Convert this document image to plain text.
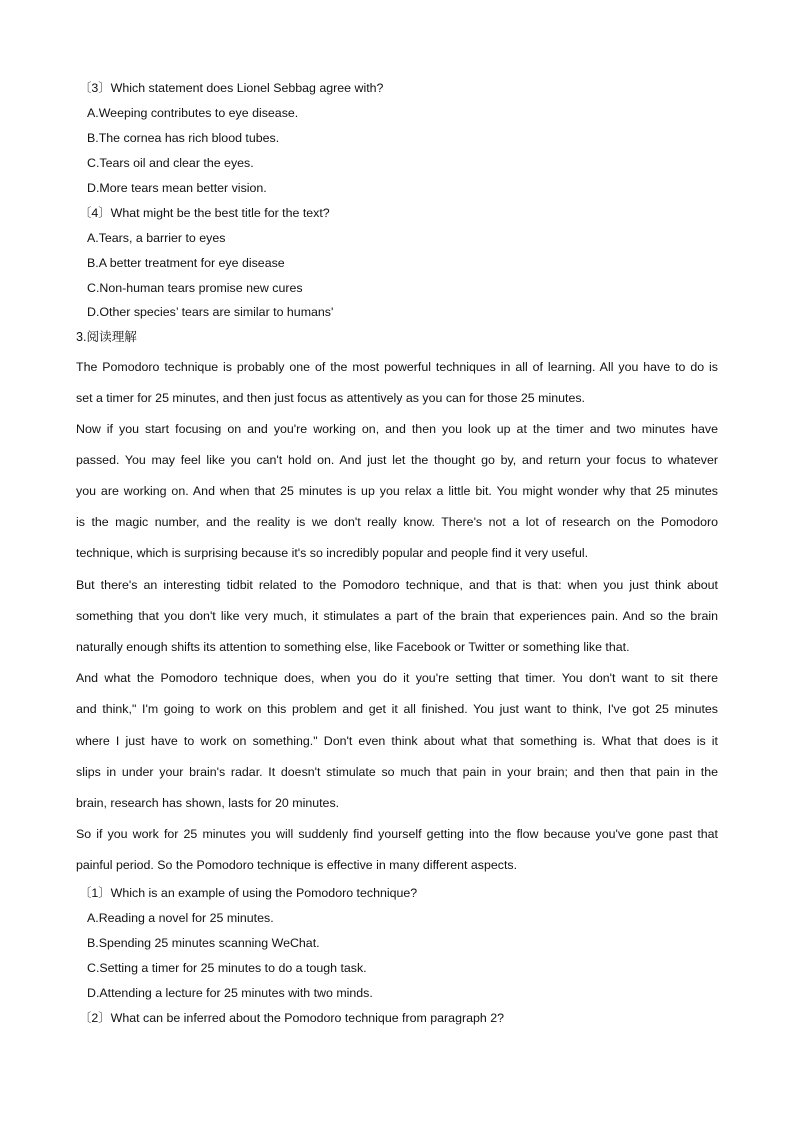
〔3〕Which statement does Lionel Sebbag agree with?
A.Weeping contributes to eye disease.
B.The cornea has rich blood tubes.
C.Tears oil and clear the eyes.
D.More tears mean better vision.
〔4〕What might be the best title for the text?
A.Tears, a barrier to eyes
B.A better treatment for eye disease
C.Non-human tears promise new cures
D.Other species’ tears are similar to humans'
3.阅读理解
The Pomodoro technique is probably one of the most powerful techniques in all of learning. All you have to do is
set a timer for 25 minutes, and then just focus as attentively as you can for those 25 minutes.
Now if you start focusing on and you're working on, and then you look up at the timer and two minutes have
passed. You may feel like you can't hold on. And just let the thought go by, and return your focus to whatever
you are working on. And when that 25 minutes is up you relax a little bit. You might wonder why that 25 minutes
is the magic number, and the reality is we don't really know. There's not a lot of research on the Pomodoro
technique, which is surprising because it's so incredibly popular and people find it very useful.
But there's an interesting tidbit related to the Pomodoro technique, and that is that: when you just think about
something that you don't like very much, it stimulates a part of the brain that experiences pain. And so the brain
naturally enough shifts its attention to something else, like Facebook or Twitter or something like that.
And what the Pomodoro technique does, when you do it you're setting that timer. You don't want to sit there
and think," I'm going to work on this problem and get it all finished. You just want to think, I've got 25 minutes
where I just have to work on something." Don't even think about what that something is. What that does is it
slips in under your brain's radar. It doesn't stimulate so much that pain in your brain; and then that pain in the
brain, research has shown, lasts for 20 minutes.
So if you work for 25 minutes you will suddenly find yourself getting into the flow because you've gone past that
painful period. So the Pomodoro technique is effective in many different aspects.
〔1〕Which is an example of using the Pomodoro technique?
A.Reading a novel for 25 minutes.
B.Spending 25 minutes scanning WeChat.
C.Setting a timer for 25 minutes to do a tough task.
D.Attending a lecture for 25 minutes with two minds.
〔2〕What can be inferred about the Pomodoro technique from paragraph 2?
